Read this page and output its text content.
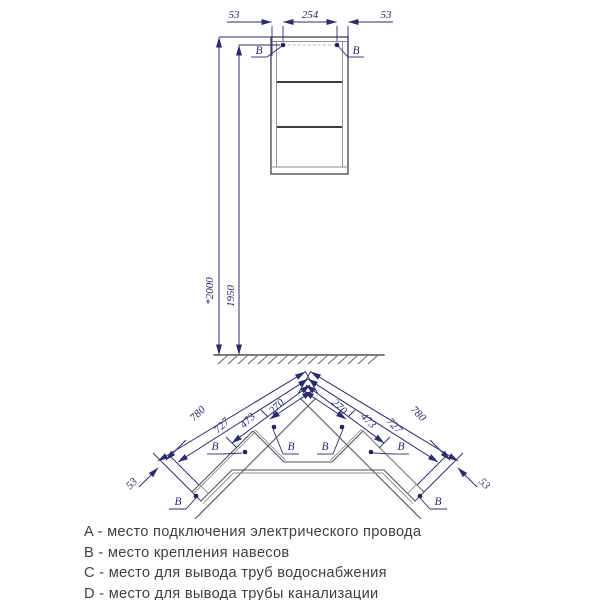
53	254	53
*2000 1950
B	B
780
727 473
270
53
270
473 727
780
53
B	B B	B
B	B
A - место подключения электрического провода
B - место крепления навесов
C - место для вывода труб водоснабжения
D - место для вывода трубы канализации
